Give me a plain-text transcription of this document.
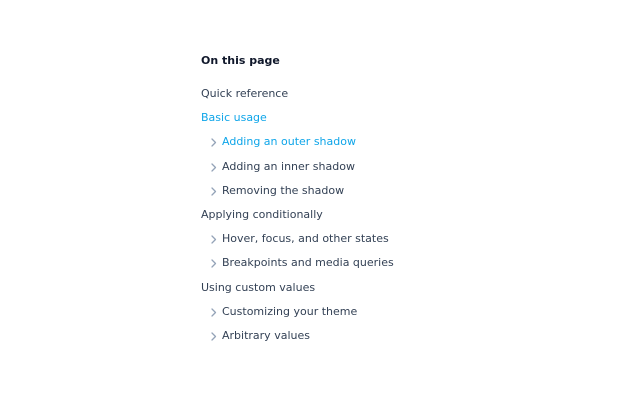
On this page
Quick reference
Basic usage
Adding an outer shadow
Adding an inner shadow
Removing the shadow
Applying conditionally
Hover, focus, and other states
Breakpoints and media queries
Using custom values
Customizing your theme
Arbitrary values
